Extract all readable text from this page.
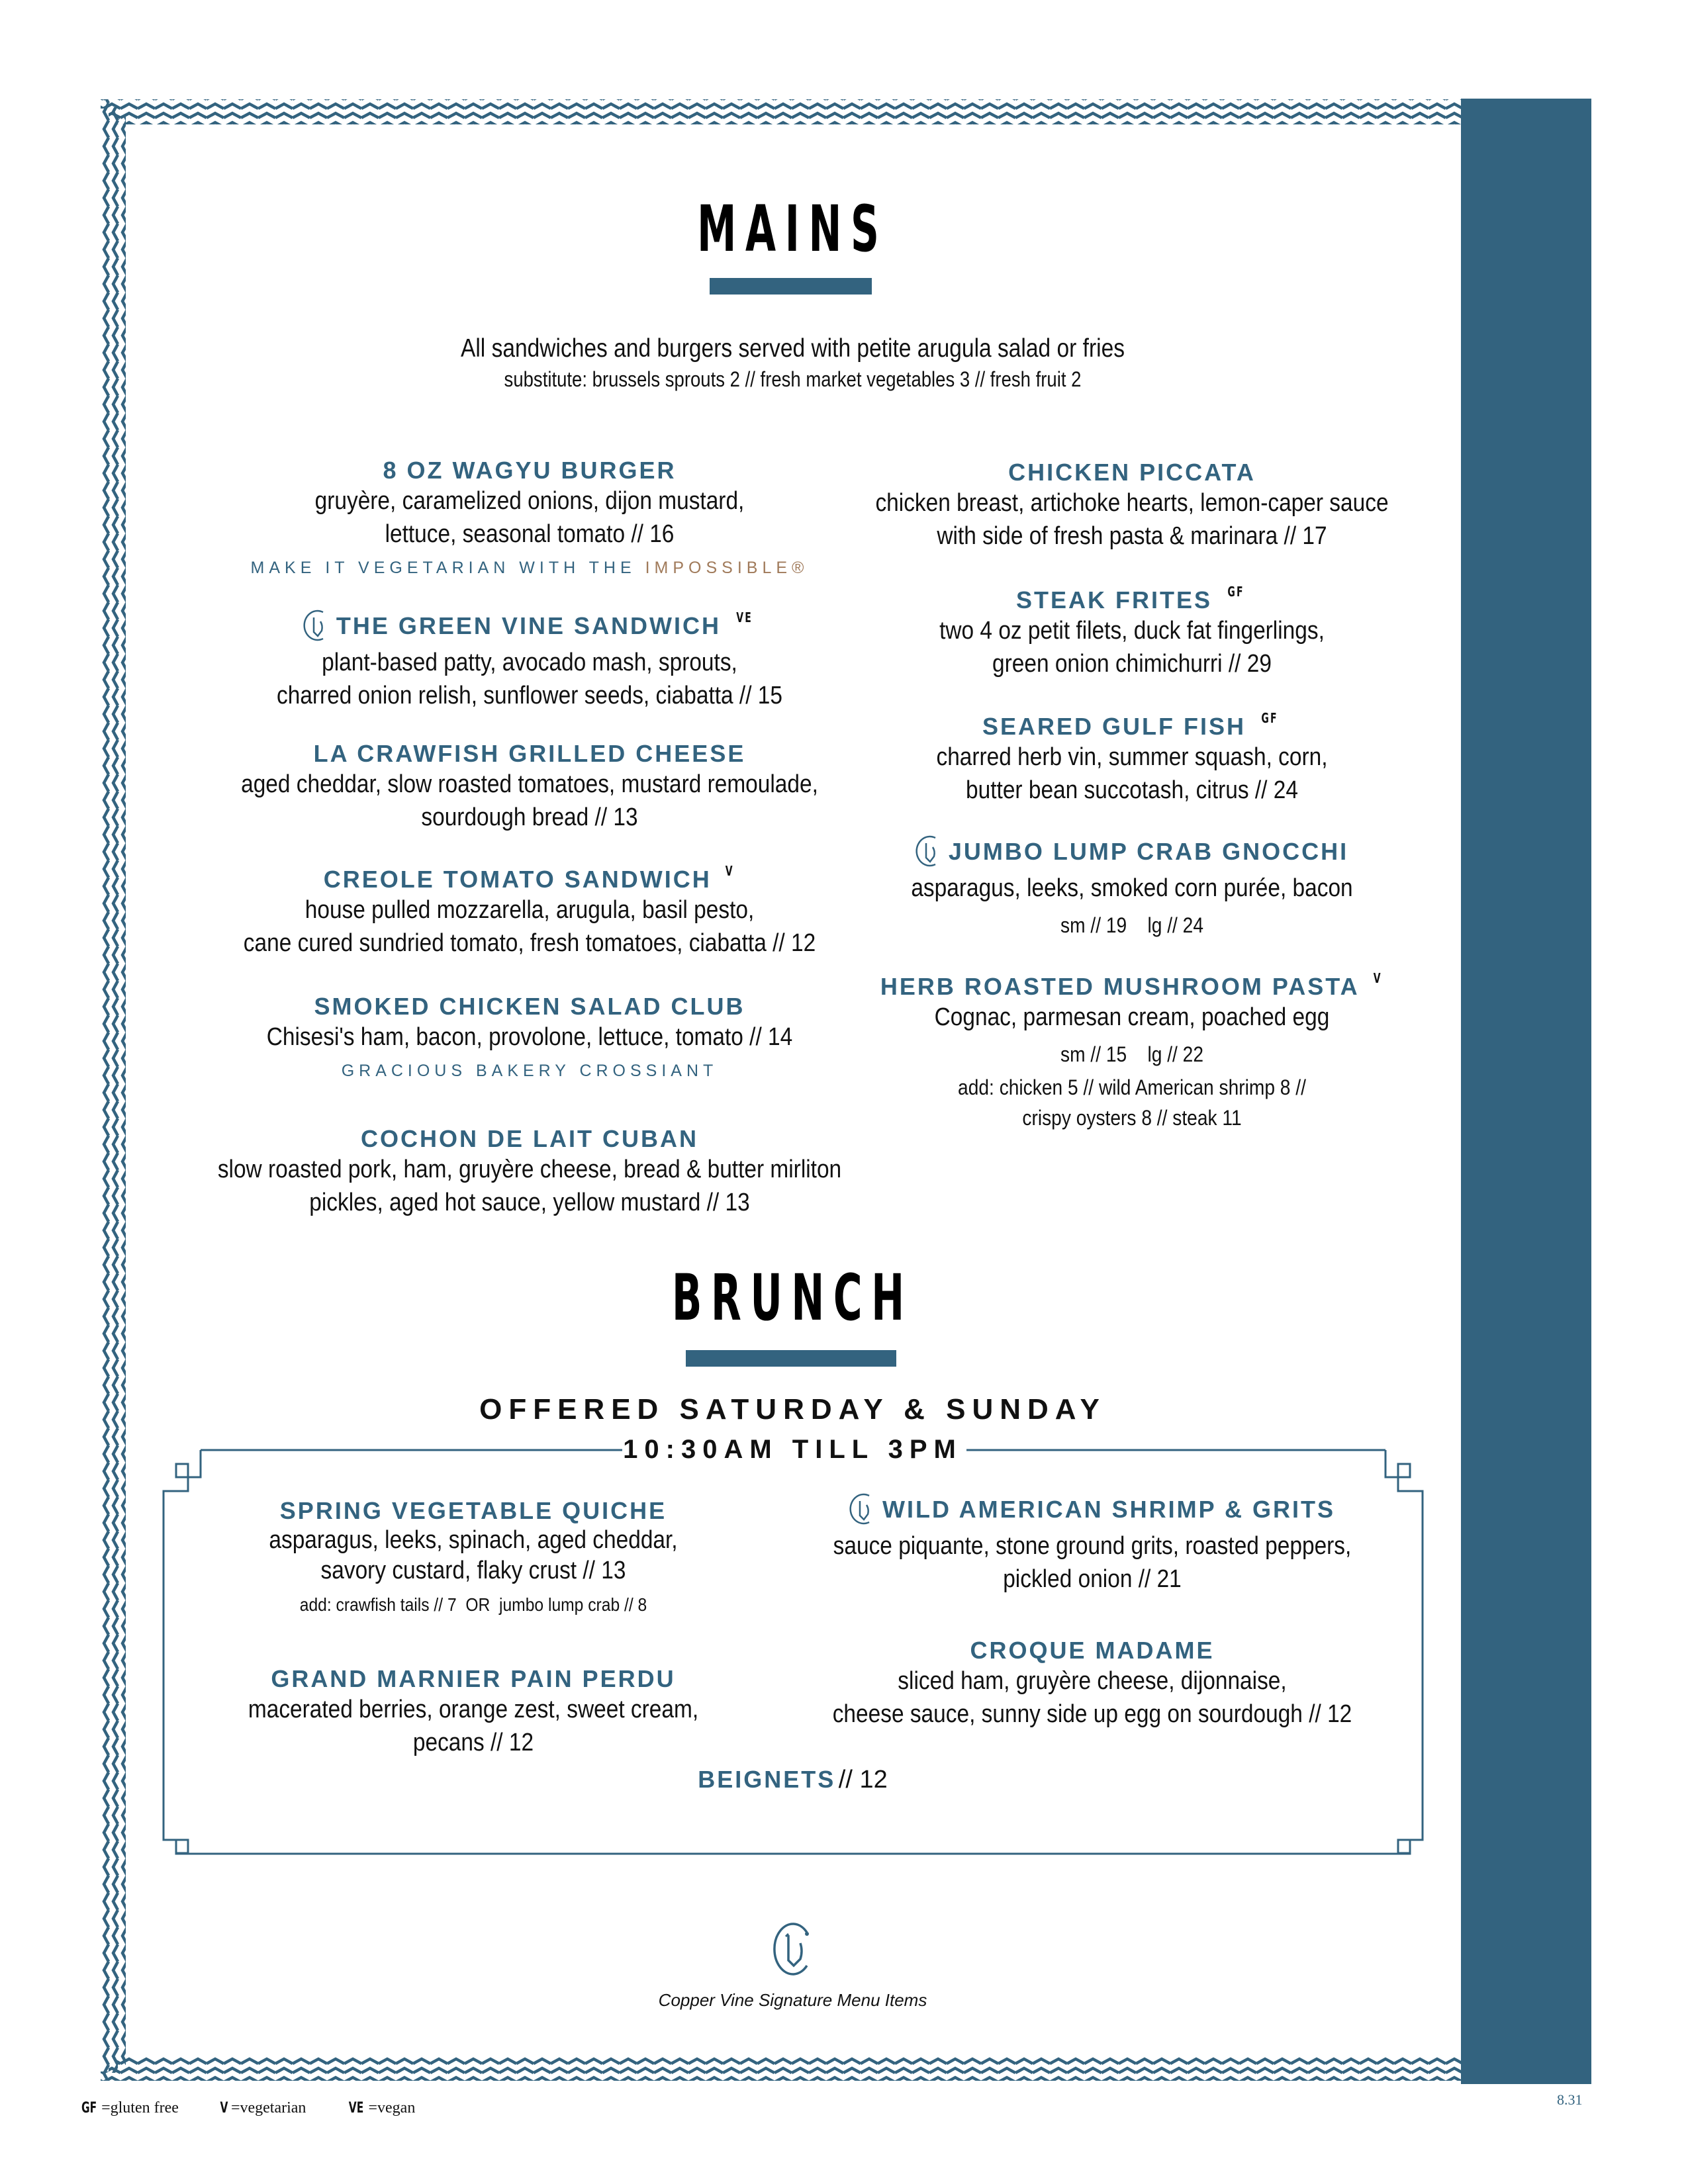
MAINS
All sandwiches and burgers served with petite arugula salad or fries
substitute: brussels sprouts 2 // fresh market vegetables 3 // fresh fruit 2
8 OZ WAGYU BURGER
gruyère, caramelized onions, dijon mustard,
lettuce, seasonal tomato // 16
MAKE IT VEGETARIAN WITH THE IMPOSSIBLE®
THE GREEN VINE SANDWICH VE
plant-based patty, avocado mash, sprouts,
charred onion relish, sunflower seeds, ciabatta // 15
LA CRAWFISH GRILLED CHEESE
aged cheddar, slow roasted tomatoes, mustard remoulade,
sourdough bread // 13
CREOLE TOMATO SANDWICH V
house pulled mozzarella, arugula, basil pesto,
cane cured sundried tomato, fresh tomatoes, ciabatta // 12
SMOKED CHICKEN SALAD CLUB
Chisesi's ham, bacon, provolone, lettuce, tomato // 14
GRACIOUS BAKERY CROSSIANT
COCHON DE LAIT CUBAN
slow roasted pork, ham, gruyère cheese, bread & butter mirliton
pickles, aged hot sauce, yellow mustard // 13
CHICKEN PICCATA
chicken breast, artichoke hearts, lemon-caper sauce
with side of fresh pasta & marinara // 17
STEAK FRITES GF
two 4 oz petit filets, duck fat fingerlings,
green onion chimichurri // 29
SEARED GULF FISH GF
charred herb vin, summer squash, corn,
butter bean succotash, citrus // 24
JUMBO LUMP CRAB GNOCCHI
asparagus, leeks, smoked corn purée, bacon
sm // 19    lg // 24
HERB ROASTED MUSHROOM PASTA V
Cognac, parmesan cream, poached egg
sm // 15    lg // 22
add: chicken 5 // wild American shrimp 8 //
crispy oysters 8 // steak 11
BRUNCH
OFFERED SATURDAY & SUNDAY
10:30AM TILL 3PM
SPRING VEGETABLE QUICHE
asparagus, leeks, spinach, aged cheddar,
savory custard, flaky crust // 13
add: crawfish tails // 7  OR  jumbo lump crab // 8
GRAND MARNIER PAIN PERDU
macerated berries, orange zest, sweet cream,
pecans // 12
WILD AMERICAN SHRIMP & GRITS
sauce piquante, stone ground grits, roasted peppers,
pickled onion // 21
CROQUE MADAME
sliced ham, gruyère cheese, dijonnaise,
cheese sauce, sunny side up egg on sourdough // 12
BEIGNETS // 12
Copper Vine Signature Menu Items
GF =gluten free	V =vegetarian	VE =vegan	8.31
